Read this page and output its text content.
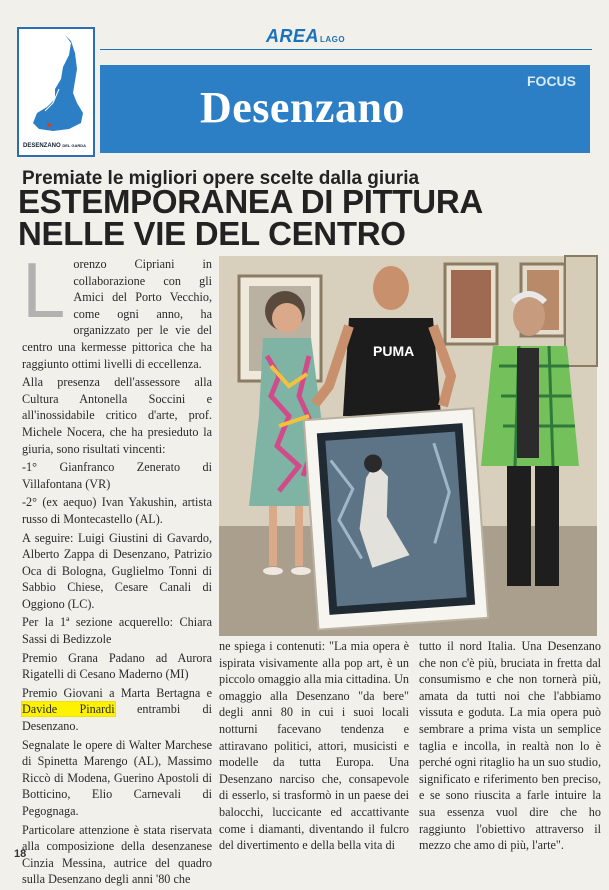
DESENZANO DEL GARDA
AREALAGO
Desenzano
FOCUS
Premiate le migliori opere scelte dalla giuria
ESTEMPORANEA DI PITTURA
NELLE VIE DEL CENTRO

Lorenzo Cipriani in collaborazione con gli Amici del Porto Vecchio, come ogni anno, ha organizzato per le vie del centro una kermesse pittorica che ha raggiunto ottimi livelli di eccellenza.

Alla presenza dell'assessore alla Cultura Antonella Soccini e all'inossidabile critico d'arte, prof. Michele Nocera, che ha presieduto la giuria, sono risultati vincenti:

-1° Gianfranco Zenerato di Villafontana (VR)

-2° (ex aequo) Ivan Yakushin, artista russo di Montecastello (AL).

A seguire: Luigi Giustini di Gavardo, Alberto Zappa di Desenzano, Patrizio Oca di Bologna, Guglielmo Tonni di Sabbio Chiese, Cesare Canali di Oggiono (LC).

Per la 1ª sezione acquerello: Chiara Sassi di Bedizzole

Premio Grana Padano ad Aurora Rigatelli di Cesano Maderno (MI)

Premio Giovani a Marta Bertagna e Davide Pinardi entrambi di Desenzano.

Segnalate le opere di Walter Marchese di Spinetta Marengo (AL), Massimo Riccò di Modena, Guerino Apostoli di Botticino, Elio Carnevali di Pegognaga.

Particolare attenzione è stata riservata alla composizione della desenzanese Cinzia Messina, autrice del quadro sulla Desenzano degli anni '80 che

PUMA
ne spiega i contenuti: "La mia opera è ispirata visivamente alla pop art, è un piccolo omaggio alla mia cittadina. Un omaggio alla Desenzano "da bere" degli anni 80 in cui i suoi locali notturni facevano tendenza e attiravano politici, attori, musicisti e modelle da tutta Europa. Una Desenzano narciso che, consapevole di esserlo, si trasformò in un paese dei balocchi, luccicante ed accattivante come i diamanti, diventando il fulcro del divertimento e della bella vita di
tutto il nord Italia. Una Desenzano che non c'è più, bruciata in fretta dal consumismo e che non tornerà più, amata da tutti noi che l'abbiamo vissuta e goduta. La mia opera può sembrare a prima vista un semplice taglia e incolla, in realtà non lo è perché ogni ritaglio ha un suo studio, significato e riferimento ben preciso, e se sono riuscita a farle intuire la sua essenza vuol dire che ho raggiunto l'obiettivo attraverso il mezzo che amo di più, l'arte".
18
